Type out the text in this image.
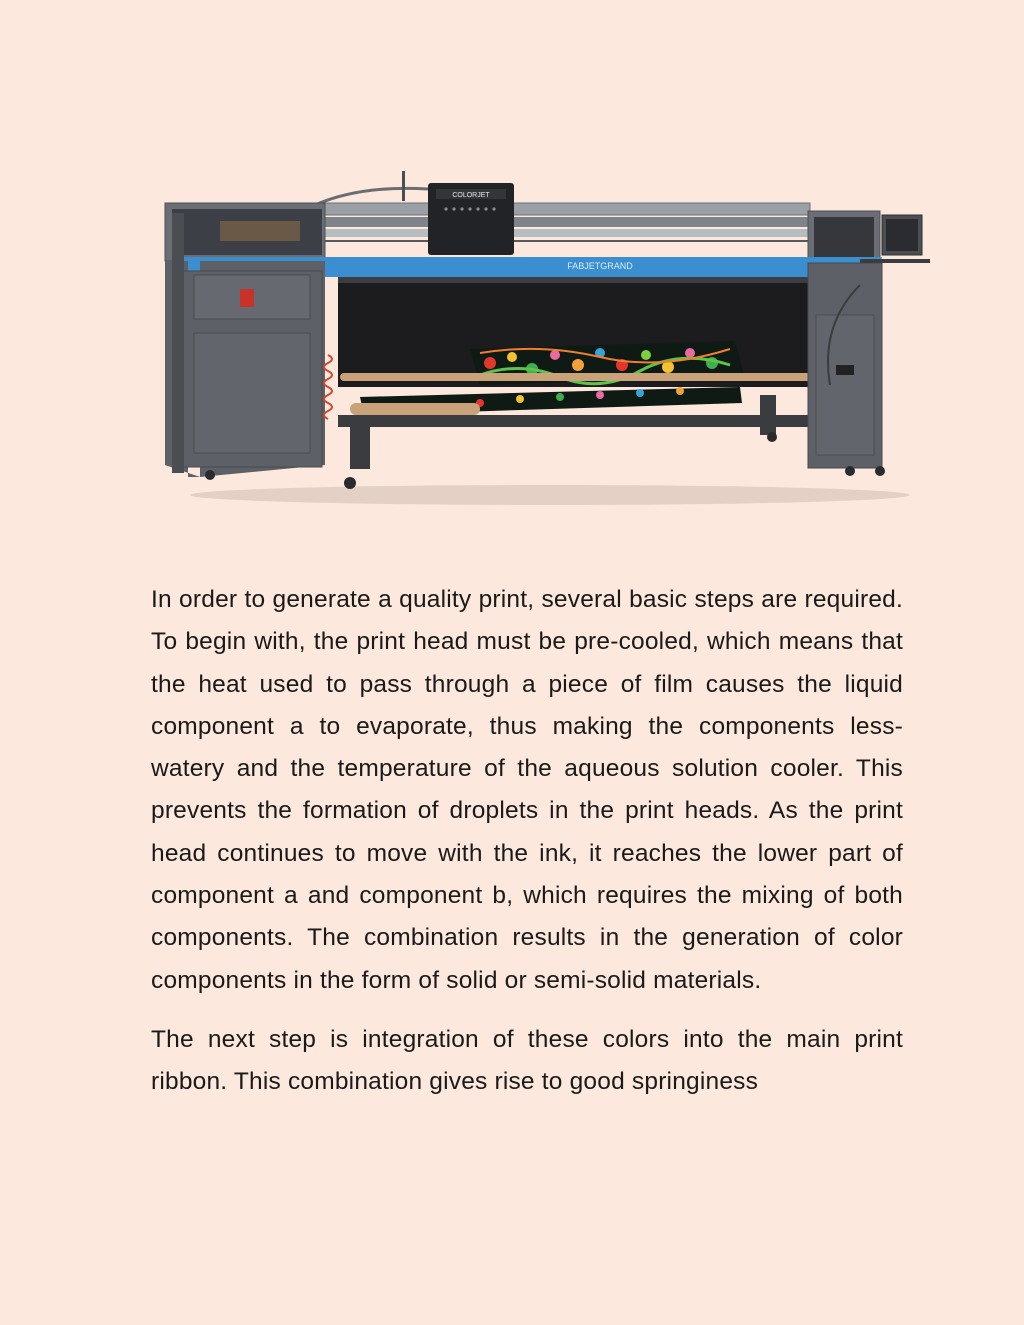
COLORJET
FABJETGRAND

In order to generate a quality print, several basic steps are required. To begin with, the print head must be pre-cooled, which means that the heat used to pass through a piece of film causes the liquid component a to evaporate, thus making the components less-watery and the temperature of the aqueous solution cooler. This prevents the formation of droplets in the print heads. As the print head continues to move with the ink, it reaches the lower part of component a and component b, which requires the mixing of both components. The combination results in the generation of color components in the form of solid or semi-solid materials.

The next step is integration of these colors into the main print ribbon. This combination gives rise to good springiness
